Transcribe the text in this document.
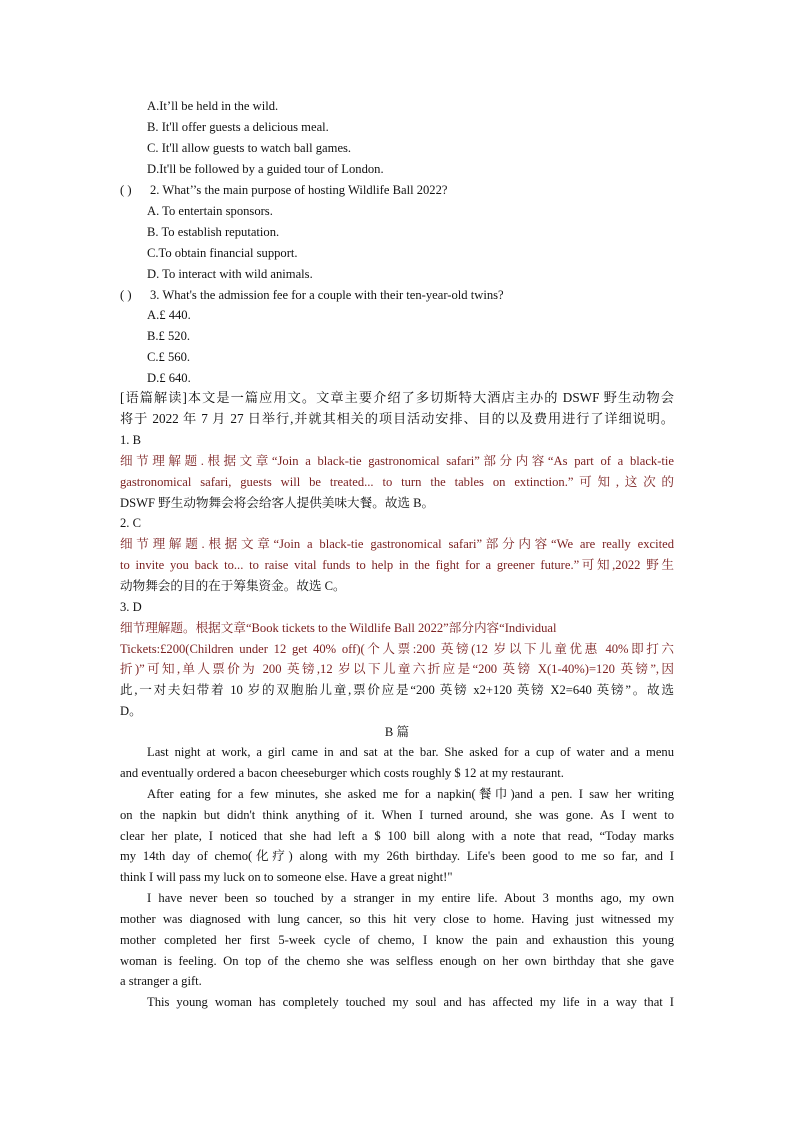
A.It’ll be held in the wild.
B. It'll offer guests a delicious meal.
C. It'll allow guests to watch ball games.
D.It'll be followed by a guided tour of London.
( ) 2. What’’s the main purpose of hosting Wildlife Ball 2022?
A. To entertain sponsors.
B. To establish reputation.
C.To obtain financial support.
D. To interact with wild animals.
( ) 3. What's the admission fee for a couple with their ten-year-old twins?
A.£ 440.
B.£ 520.
C.£ 560.
D.£ 640.
[语篇解读]本文是一篇应用文。文章主要介绍了多切斯特大酒店主办的 DSWF 野生动物会
将于 2022 年 7 月 27 日举行,并就其相关的项目活动安排、目的以及费用进行了详细说明。
1. B
细节理解题.根据文章“Join a black-tie gastronomical safari”部分内容“As part of a black-tie
gastronomical safari, guests will be treated... to turn the tables on extinction.”可知,这次的
DSWF 野生动物舞会将会给客人提供美味大餐。故选 B。
2. C
细节理解题.根据文章“Join a black-tie gastronomical safari”部分内容“We are really excited
to invite you back to... to raise vital funds to help in the fight for a greener future.”可知,2022 野生
动物舞会的目的在于筹集资金。故选 C。
3. D
细节理解题。根据文章“Book tickets to the Wildlife Ball 2022”部分内容“Individual
Tickets:£200(Children under 12 get 40% off)(个人票:200 英镑(12 岁以下儿童优惠 40%即打六
折)”可知,单人票价为 200 英镑,12 岁以下儿童六折应是“200 英镑 X(1-40%)=120 英镑”,因
此,一对夫妇带着 10 岁的双胞胎儿童,票价应是“200 英镑 x2+120 英镑 X2=640 英镑”。故选
D。
B 篇
Last night at work, a girl came in and sat at the bar. She asked for a cup of water and a menu
and eventually ordered a bacon cheeseburger which costs roughly $ 12 at my restaurant.
After eating for a few minutes, she asked me for a napkin(餐巾)and a pen. I saw her writing
on the napkin but didn't think anything of it. When I turned around, she was gone. As I went to
clear her plate, I noticed that she had left a $ 100 bill along with a note that read, “Today marks
my 14th day of chemo(化疗) along with my 26th birthday. Life's been good to me so far, and I
think I will pass my luck on to someone else. Have a great night!"
I have never been so touched by a stranger in my entire life. About 3 months ago, my own
mother was diagnosed with lung cancer, so this hit very close to home. Having just witnessed my
mother completed her first 5-week cycle of chemo, I know the pain and exhaustion this young
woman is feeling. On top of the chemo she was selfless enough on her own birthday that she gave
a stranger a gift.
This young woman has completely touched my soul and has affected my life in a way that I
